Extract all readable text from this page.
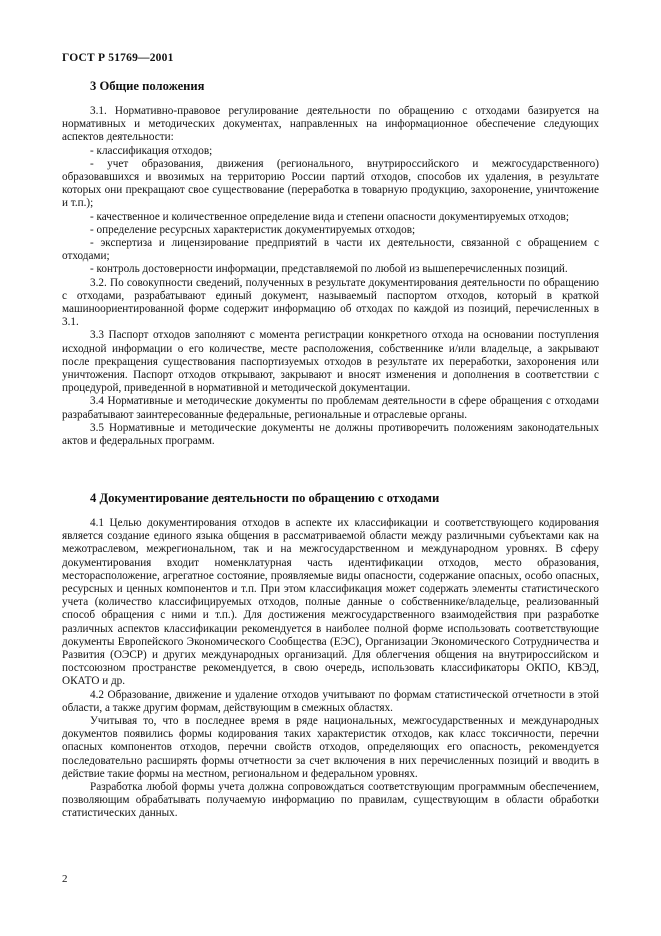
ГОСТ Р 51769—2001
3 Общие положения

3.1. Нормативно-правовое регулирование деятельности по обращению с отходами базируется на нормативных и методических документах, направленных на информационное обеспечение следующих аспектов деятельности:

- классификация отходов;

- учет образования, движения (регионального, внутрироссийского и межгосударственного) образовавшихся и ввозимых на территорию России партий отходов, способов их удаления, в результате которых они прекращают свое существование (переработка в товарную продукцию, захоронение, уничтожение и т.п.);

- качественное и количественное определение вида и степени опасности документируемых отходов;

- определение ресурсных характеристик документируемых отходов;

- экспертиза и лицензирование предприятий в части их деятельности, связанной с обращением с отходами;

- контроль достоверности информации, представляемой по любой из вышеперечисленных позиций.

3.2. По совокупности сведений, полученных в результате документирования деятельности по обращению с отходами, разрабатывают единый документ, называемый паспортом отходов, который в краткой машиноориентированной форме содержит информацию об отходах по каждой из позиций, перечисленных в 3.1.

3.3 Паспорт отходов заполняют с момента регистрации конкретного отхода на основании поступления исходной информации о его количестве, месте расположения, собственнике и/или владельце, а закрывают после прекращения существования паспортизуемых отходов в результате их переработки, захоронения или уничтожения. Паспорт отходов открывают, закрывают и вносят изменения и дополнения в соответствии с процедурой, приведенной в нормативной и методической документации.

3.4 Нормативные и методические документы по проблемам деятельности в сфере обращения с отходами разрабатывают заинтересованные федеральные, региональные и отраслевые органы.

3.5 Нормативные и методические документы не должны противоречить положениям законодательных актов и федеральных программ.

4 Документирование деятельности по обращению с отходами

4.1 Целью документирования отходов в аспекте их классификации и соответствующего кодирования является создание единого языка общения в рассматриваемой области между различными субъектами как на межотраслевом, межрегиональном, так и на межгосударственном и международном уровнях. В сферу документирования входит номенклатурная часть идентификации отходов, место образования, месторасположение, агрегатное состояние, проявляемые виды опасности, содержание опасных, особо опасных, ресурсных и ценных компонентов и т.п. При этом классификация может содержать элементы статистического учета (количество классифицируемых отходов, полные данные о собственнике/владельце, реализованный способ обращения с ними и т.п.). Для достижения межгосударственного взаимодействия при разработке различных аспектов классификации рекомендуется в наиболее полной форме использовать соответствующие документы Европейского Экономического Сообщества (ЕЭС), Организации Экономического Сотрудничества и Развития (ОЭСР) и других международных организаций. Для облегчения общения на внутрироссийском и постсоюзном пространстве рекомендуется, в свою очередь, использовать классификаторы ОКПО, КВЭД, ОКАТО и др.

4.2 Образование, движение и удаление отходов учитывают по формам статистической отчетности в этой области, а также другим формам, действующим в смежных областях.

Учитывая то, что в последнее время в ряде национальных, межгосударственных и международных документов появились формы кодирования таких характеристик отходов, как класс токсичности, перечни опасных компонентов отходов, перечни свойств отходов, определяющих его опасность, рекомендуется последовательно расширять формы отчетности за счет включения в них перечисленных позиций и вводить в действие такие формы на местном, региональном и федеральном уровнях.

Разработка любой формы учета должна сопровождаться соответствующим программным обеспечением, позволяющим обрабатывать получаемую информацию по правилам, существующим в области обработки статистических данных.

2
